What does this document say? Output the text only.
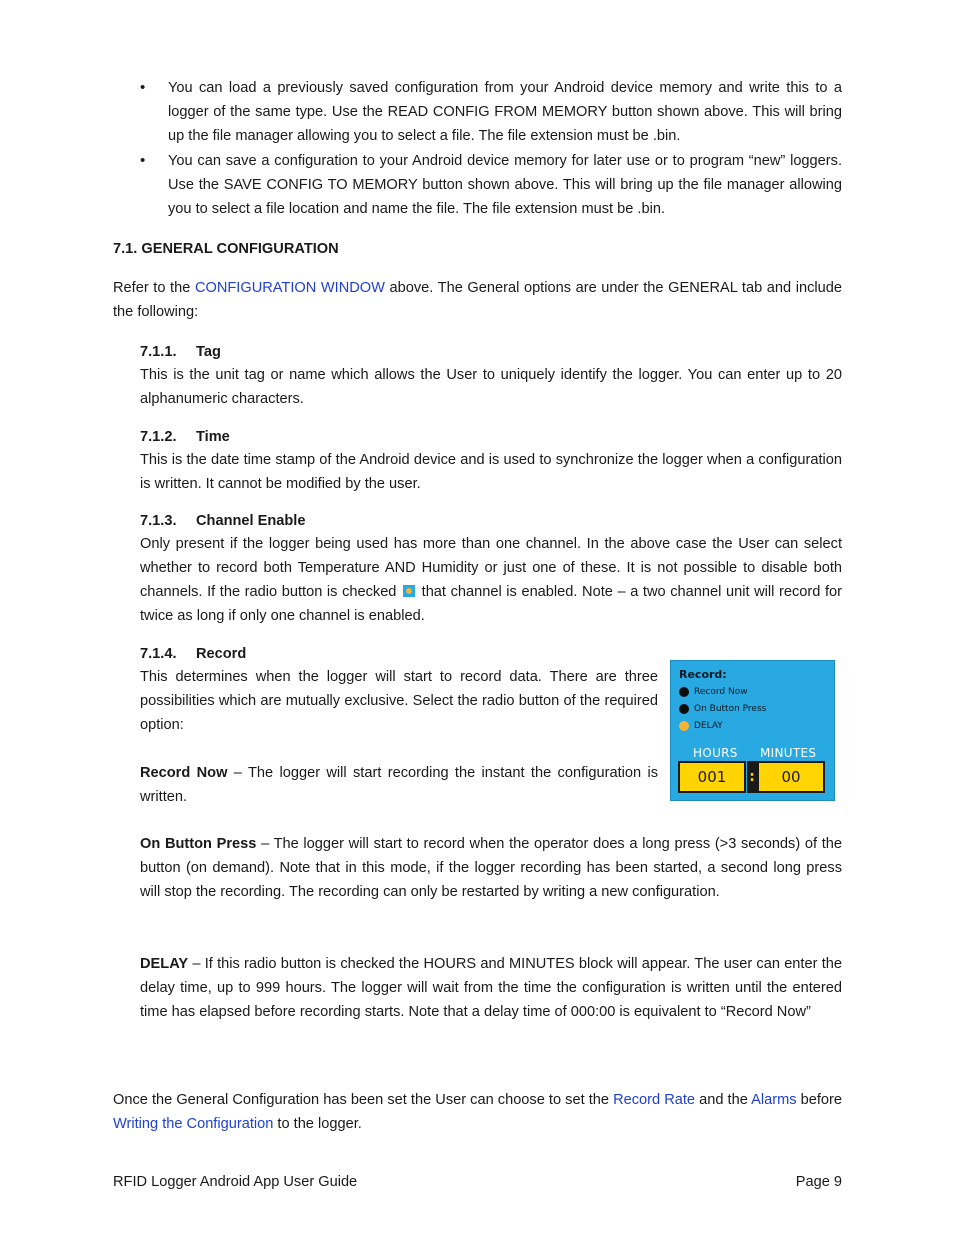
• You can load a previously saved configuration from your Android device memory and write this to a logger of the same type. Use the READ CONFIG FROM MEMORY button shown above. This will bring up the file manager allowing you to select a file. The file extension must be .bin.
• You can save a configuration to your Android device memory for later use or to program “new” loggers. Use the SAVE CONFIG TO MEMORY button shown above. This will bring up the file manager allowing you to select a file location and name the file. The file extension must be .bin.
7.1. GENERAL CONFIGURATION

Refer to the CONFIGURATION WINDOW above. The General options are under the GENERAL tab and include the following:

7.1.1. Tag

This is the unit tag or name which allows the User to uniquely identify the logger. You can enter up to 20 alphanumeric characters.

7.1.2. Time

This is the date time stamp of the Android device and is used to synchronize the logger when a configuration is written. It cannot be modified by the user.

7.1.3. Channel Enable

Only present if the logger being used has more than one channel. In the above case the User can select whether to record both Temperature AND Humidity or just one of these. It is not possible to disable both channels. If the radio button is checked  that channel is enabled. Note – a two channel unit will record for twice as long if only one channel is enabled.

7.1.4. Record

This determines when the logger will start to record data. There are three possibilities which are mutually exclusive. Select the radio button of the required option:

Record Now – The logger will start recording the instant the configuration is written.

On Button Press – The logger will start to record when the operator does a long press (>3 seconds) of the button (on demand). Note that in this mode, if the logger recording has been started, a second long press will stop the recording. The recording can only be restarted by writing a new configuration.

DELAY – If this radio button is checked the HOURS and MINUTES block will appear. The user can enter the delay time, up to 999 hours. The logger will wait from the time the configuration is written until the entered time has elapsed before recording starts. Note that a delay time of 000:00 is equivalent to “Record Now”

Record:
Record Now
On Button Press
DELAY
HOURS MINUTES
001	:	00

Once the General Configuration has been set the User can choose to set the Record Rate and the Alarms before Writing the Configuration to the logger.

RFID Logger Android App User Guide	Page 9
